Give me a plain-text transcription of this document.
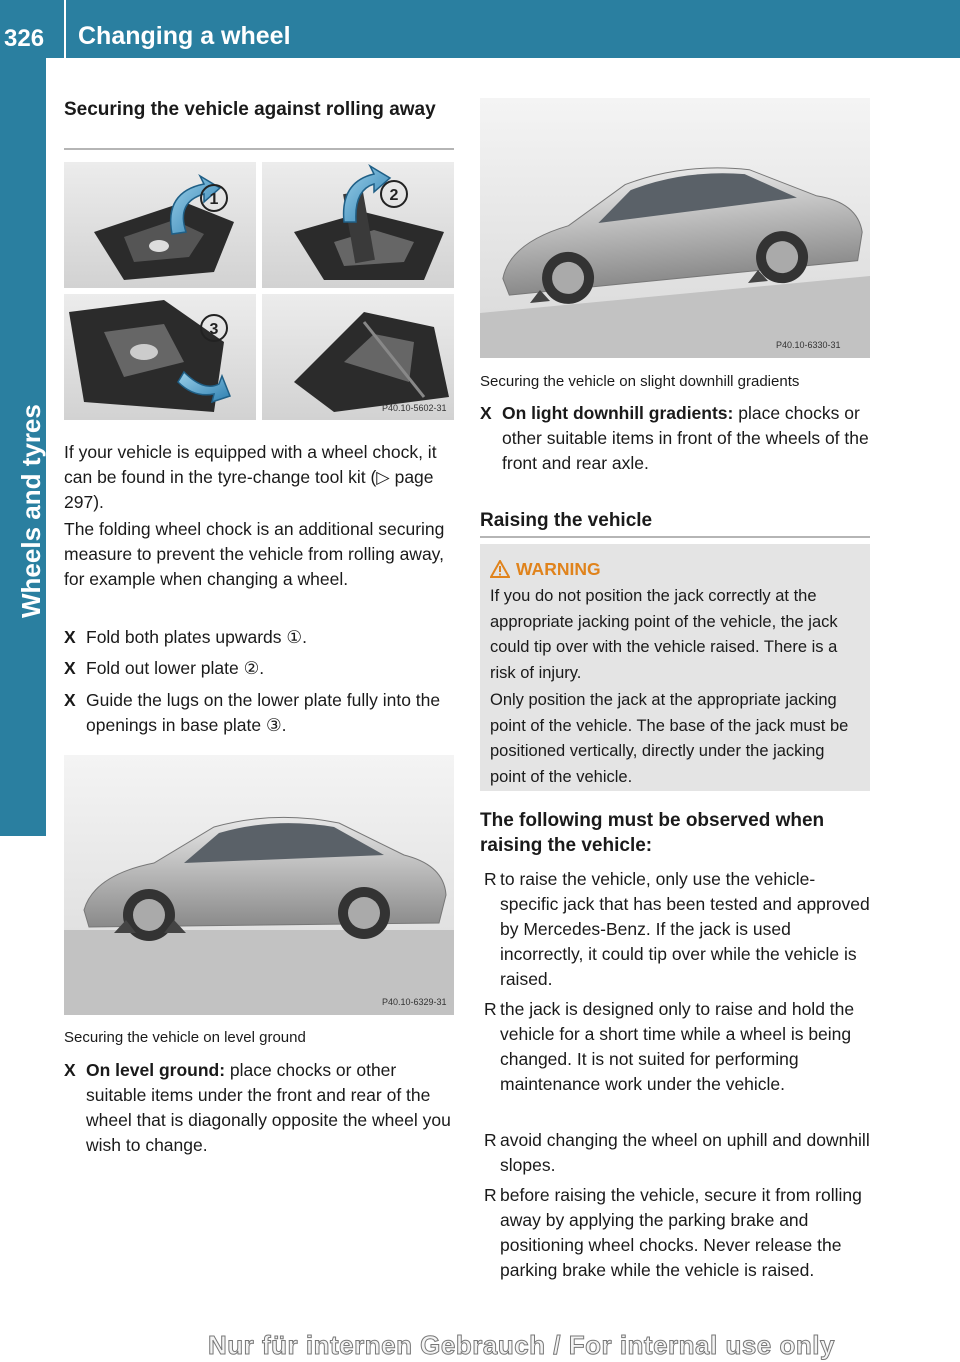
326	Changing a wheel
Wheels and tyres
Securing the vehicle against rolling away
1	2
3
P40.10-5602-31

If your vehicle is equipped with a wheel chock, it can be found in the tyre-change tool kit (▷ page 297).

The folding wheel chock is an additional securing measure to prevent the vehicle from rolling away, for example when changing a wheel.

X Fold both plates upwards ①.
X Fold out lower plate ②.
X Guide the lugs on the lower plate fully into the openings in base plate ③.
P40.10-6329-31
Securing the vehicle on level ground
X On level ground: place chocks or other suitable items under the front and rear of the wheel that is diagonally opposite the wheel you wish to change.
P40.10-6330-31
Securing the vehicle on slight downhill gradients
X On light downhill gradients: place chocks or other suitable items in front of the wheels of the front and rear axle.
Raising the vehicle
WARNING

If you do not position the jack correctly at the appropriate jacking point of the vehicle, the jack could tip over with the vehicle raised. There is a risk of injury.

Only position the jack at the appropriate jacking point of the vehicle. The base of the jack must be positioned vertically, directly under the jacking point of the vehicle.

The following must be observed when raising the vehicle:
R to raise the vehicle, only use the vehicle-specific jack that has been tested and approved by Mercedes-Benz. If the jack is used incorrectly, it could tip over while the vehicle is raised.
R the jack is designed only to raise and hold the vehicle for a short time while a wheel is being changed. It is not suited for performing maintenance work under the vehicle.
R avoid changing the wheel on uphill and downhill slopes.
R before raising the vehicle, secure it from rolling away by applying the parking brake and positioning wheel chocks. Never release the parking brake while the vehicle is raised.
Nur für internen Gebrauch / For internal use only
